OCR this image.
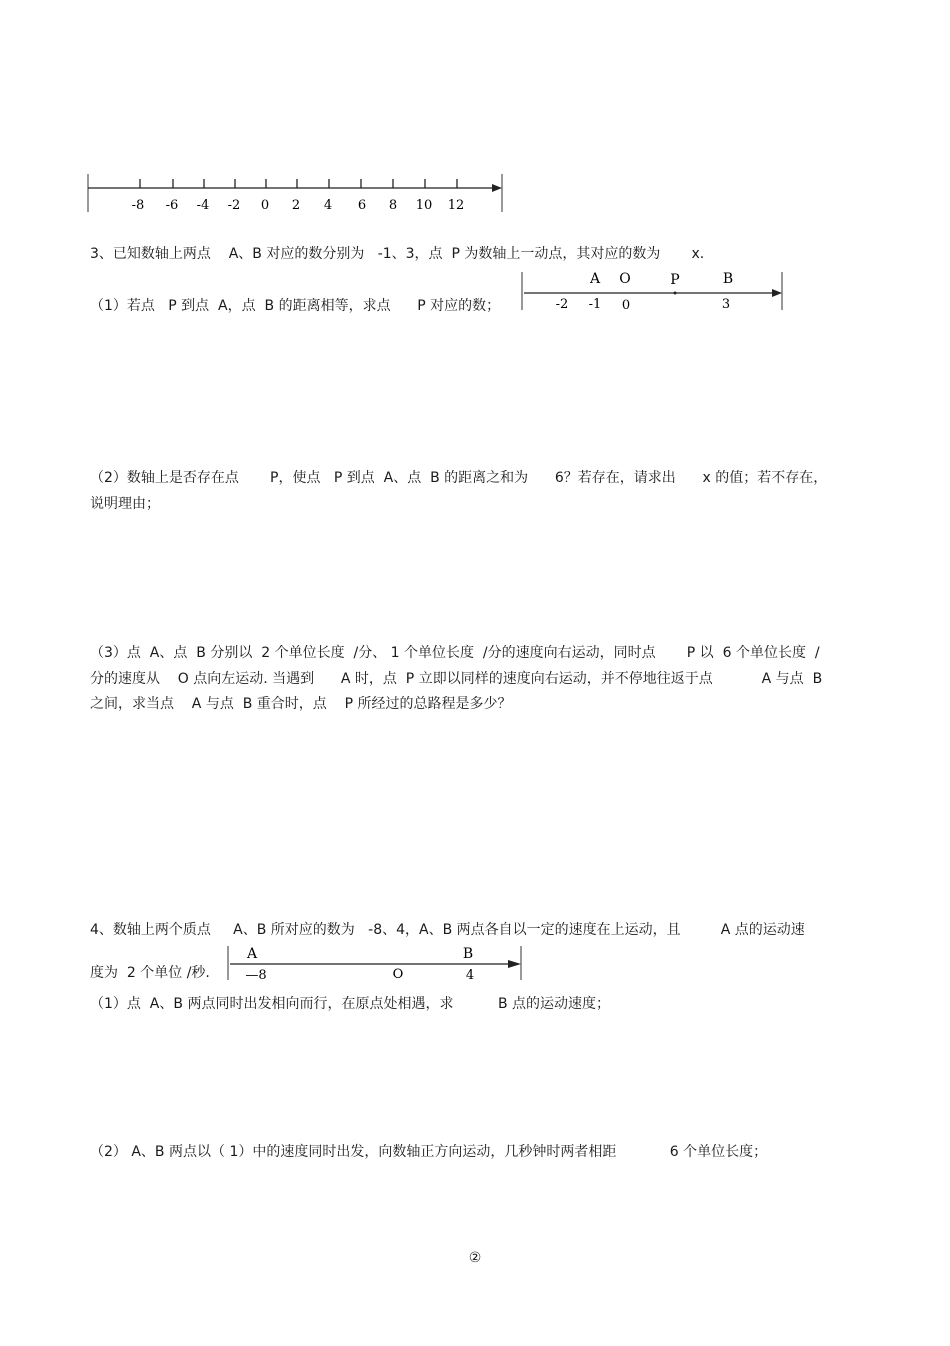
-8 -6 -4 -2 0 2 4 6 8 10 12
3、已知数轴上两点    A、B 对应的数分别为   -1、3，点  P 为数轴上一动点，其对应的数为       x.
（1）若点   P 到点  A，点  B 的距离相等，求点      P 对应的数；
A O	P	B
-2 -1 0	3
（2）数轴上是否存在点       P，使点   P 到点  A、点  B 的距离之和为      6？若存在，请求出      x 的值；若不存在，
说明理由；
（3）点  A、点  B 分别以  2 个单位长度  /分、 1 个单位长度  /分的速度向右运动，同时点       P 以  6 个单位长度  /
分的速度从    O 点向左运动. 当遇到      A 时，点  P 立即以同样的速度向右运动，并不停地往返于点           A 与点  B
之间，求当点    A 与点  B 重合时，点    P 所经过的总路程是多少？
4、数轴上两个质点     A、B 所对应的数为   -8、4，A、B 两点各自以一定的速度在上运动，且         A 点的运动速
度为  2 个单位 /秒.
A	B
—8	O	4
（1）点  A、B 两点同时出发相向而行，在原点处相遇，求          B 点的运动速度；
（2） A、B 两点以（ 1）中的速度同时出发，向数轴正方向运动，几秒钟时两者相距            6 个单位长度；
②
